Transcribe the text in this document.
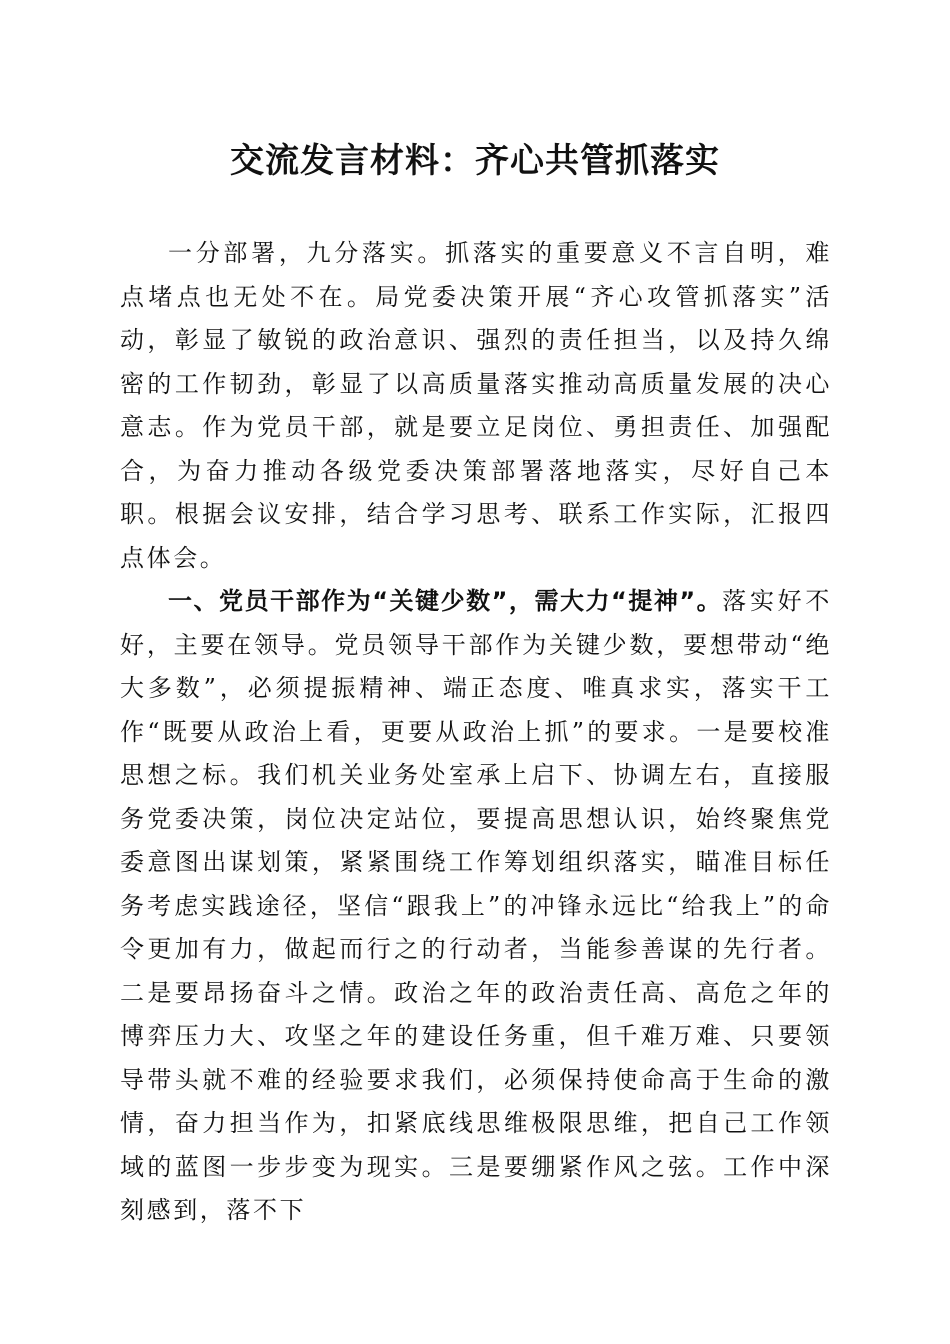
交流发言材料：齐心共管抓落实

一分部署，九分落实。抓落实的重要意义不言自明，难点堵点也无处不在。局党委决策开展“齐心攻管抓落实”活动，彰显了敏锐的政治意识、强烈的责任担当，以及持久绵密的工作韧劲，彰显了以高质量落实推动高质量发展的决心意志。作为党员干部，就是要立足岗位、勇担责任、加强配合，为奋力推动各级党委决策部署落地落实，尽好自己本职。根据会议安排，结合学习思考、联系工作实际，汇报四点体会。

一、党员干部作为“关键少数”，需大力“提神”。落实好不好，主要在领导。党员领导干部作为关键少数，要想带动“绝大多数”，必须提振精神、端正态度、唯真求实，落实干工作“既要从政治上看，更要从政治上抓”的要求。一是要校准思想之标。我们机关业务处室承上启下、协调左右，直接服务党委决策，岗位决定站位，要提高思想认识，始终聚焦党委意图出谋划策，紧紧围绕工作筹划组织落实，瞄准目标任务考虑实践途径，坚信“跟我上”的冲锋永远比“给我上”的命令更加有力，做起而行之的行动者，当能参善谋的先行者。二是要昂扬奋斗之情。政治之年的政治责任高、高危之年的博弈压力大、攻坚之年的建设任务重，但千难万难、只要领导带头就不难的经验要求我们，必须保持使命高于生命的激情，奋力担当作为，扣紧底线思维极限思维，把自己工作领域的蓝图一步步变为现实。三是要绷紧作风之弦。工作中深刻感到，落不下
